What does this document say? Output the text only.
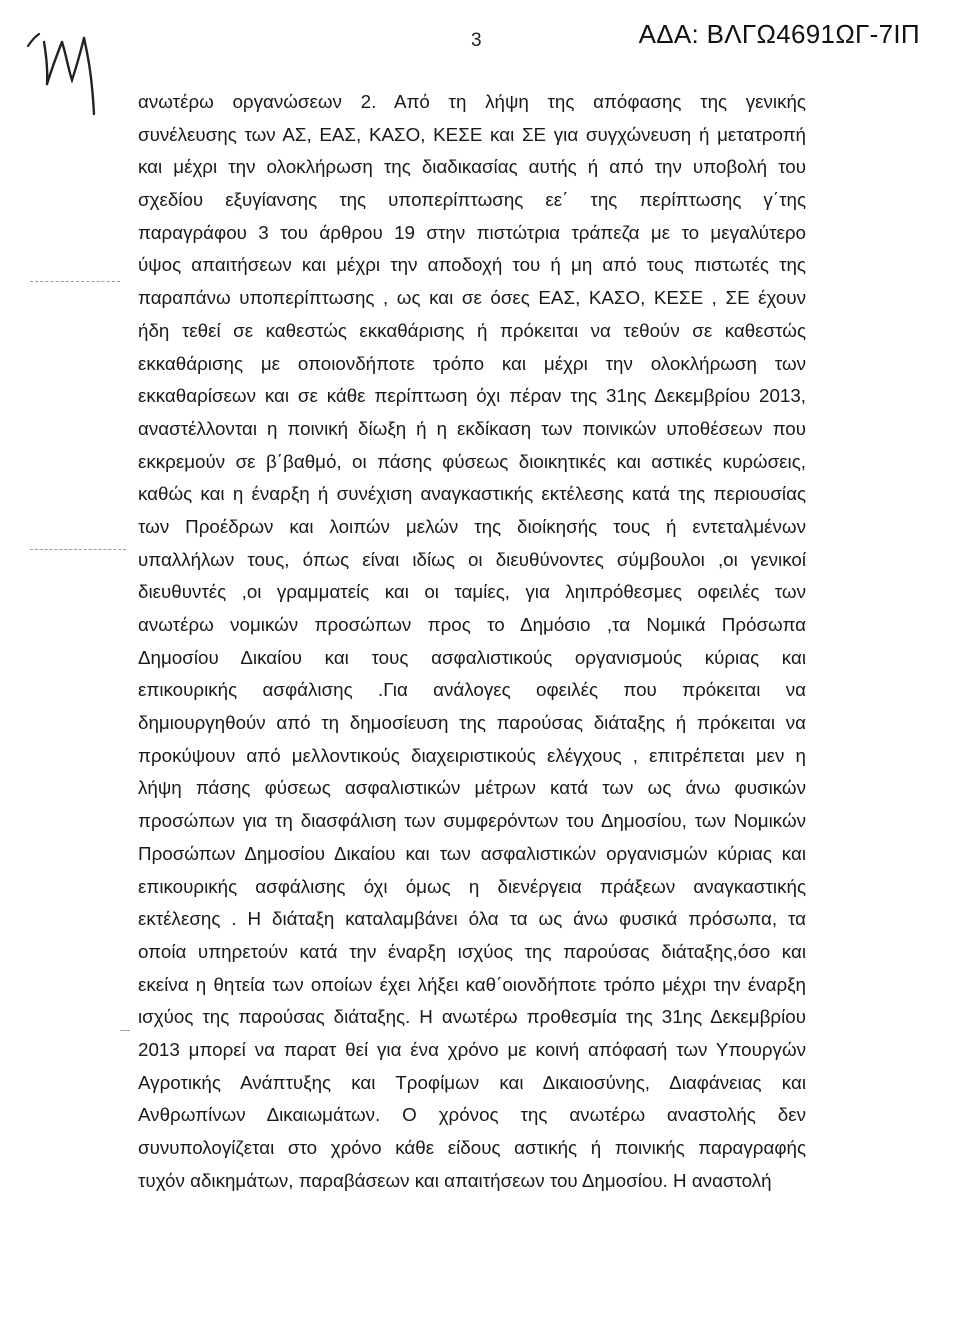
3	ΑΔΑ: ΒΛΓΩ4691ΩΓ-7ΙΠ
ανωτέρω οργανώσεων 2. Από τη λήψη της απόφασης της γενικής
συνέλευσης των ΑΣ, ΕΑΣ, ΚΑΣΟ, ΚΕΣΕ και ΣΕ για συγχώνευση ή μετατροπή
και μέχρι την ολοκλήρωση της διαδικασίας αυτής ή από την υποβολή του
σχεδίου εξυγίανσης της υποπερίπτωσης εε΄ της περίπτωσης γ΄της
παραγράφου 3 του άρθρου 19 στην πιστώτρια τράπεζα με το μεγαλύτερο
ύψος απαιτήσεων και μέχρι την αποδοχή του ή μη από τους πιστωτές της
παραπάνω υποπερίπτωσης , ως και σε όσες ΕΑΣ, ΚΑΣΟ, ΚΕΣΕ , ΣΕ έχουν
ήδη τεθεί σε καθεστώς εκκαθάρισης ή πρόκειται να τεθούν σε καθεστώς
εκκαθάρισης με οποιονδήποτε τρόπο και μέχρι την ολοκλήρωση των
εκκαθαρίσεων και σε κάθε περίπτωση όχι πέραν της 31ης Δεκεμβρίου 2013,
αναστέλλονται η ποινική δίωξη ή η εκδίκαση των ποινικών υποθέσεων που
εκκρεμούν σε β΄βαθμό, οι πάσης φύσεως διοικητικές και αστικές κυρώσεις,
καθώς και η έναρξη ή συνέχιση αναγκαστικής εκτέλεσης κατά της περιουσίας
των Προέδρων και λοιπών μελών της διοίκησής τους ή εντεταλμένων
υπαλλήλων τους, όπως είναι ιδίως οι διευθύνοντες σύμβουλοι ,οι γενικοί
διευθυντές ,οι γραμματείς και οι ταμίες, για ληιπρόθεσμες οφειλές των
ανωτέρω νομικών προσώπων προς το Δημόσιο ,τα Νομικά Πρόσωπα
Δημοσίου Δικαίου και τους ασφαλιστικούς οργανισμούς κύριας και
επικουρικής ασφάλισης .Για ανάλογες οφειλές που πρόκειται να
δημιουργηθούν από τη δημοσίευση της παρούσας διάταξης ή πρόκειται να
προκύψουν από μελλοντικούς διαχειριστικούς ελέγχους , επιτρέπεται μεν η
λήψη πάσης φύσεως ασφαλιστικών μέτρων κατά των ως άνω φυσικών
προσώπων για τη διασφάλιση των συμφερόντων του Δημοσίου, των Νομικών
Προσώπων Δημοσίου Δικαίου και των ασφαλιστικών οργανισμών κύριας και
επικουρικής ασφάλισης όχι όμως η διενέργεια πράξεων αναγκαστικής
εκτέλεσης . Η διάταξη καταλαμβάνει όλα τα ως άνω φυσικά πρόσωπα, τα
οποία υπηρετούν κατά την έναρξη ισχύος της παρούσας διάταξης,όσο και
εκείνα η θητεία των οποίων έχει λήξει καθ΄οιονδήποτε τρόπο μέχρι την έναρξη
ισχύος της παρούσας διάταξης. Η ανωτέρω προθεσμία της 31ης Δεκεμβρίου
2013 μπορεί να παρατ θεί για ένα χρόνο με κοινή απόφασή των Υπουργών
Αγροτικής Ανάπτυξης και Τροφίμων και Δικαιοσύνης, Διαφάνειας και
Ανθρωπίνων Δικαιωμάτων. Ο χρόνος της ανωτέρω αναστολής δεν
συνυπολογίζεται στο χρόνο κάθε είδους αστικής ή ποινικής παραγραφής
τυχόν αδικημάτων, παραβάσεων και απαιτήσεων του Δημοσίου. Η αναστολή
